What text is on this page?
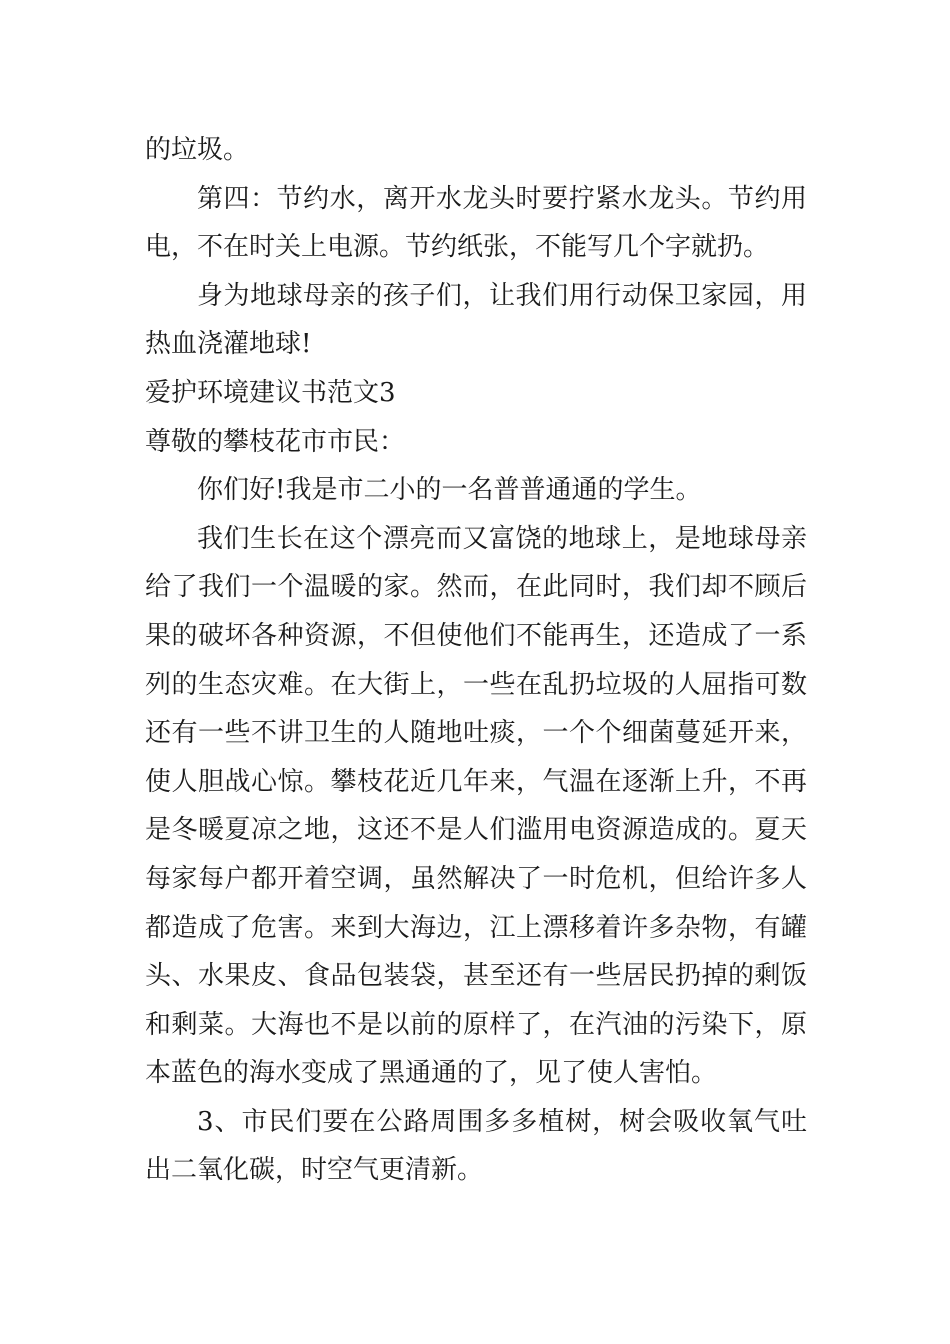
的垃圾。

第四：节约水，离开水龙头时要拧紧水龙头。节约用电，不在时关上电源。节约纸张，不能写几个字就扔。

身为地球母亲的孩子们，让我们用行动保卫家园，用热血浇灌地球!

爱护环境建议书范文3

尊敬的攀枝花市市民：

你们好!我是市二小的一名普普通通的学生。

我们生长在这个漂亮而又富饶的地球上，是地球母亲给了我们一个温暖的家。然而，在此同时，我们却不顾后果的破坏各种资源，不但使他们不能再生，还造成了一系列的生态灾难。在大街上，一些在乱扔垃圾的人屈指可数还有一些不讲卫生的人随地吐痰，一个个细菌蔓延开来，使人胆战心惊。攀枝花近几年来，气温在逐渐上升，不再是冬暖夏凉之地，这还不是人们滥用电资源造成的。夏天每家每户都开着空调，虽然解决了一时危机，但给许多人都造成了危害。来到大海边，江上漂移着许多杂物，有罐头、水果皮、食品包装袋，甚至还有一些居民扔掉的剩饭和剩菜。大海也不是以前的原样了，在汽油的污染下，原本蓝色的海水变成了黑通通的了，见了使人害怕。

3、市民们要在公路周围多多植树，树会吸收氧气吐出二氧化碳，时空气更清新。
